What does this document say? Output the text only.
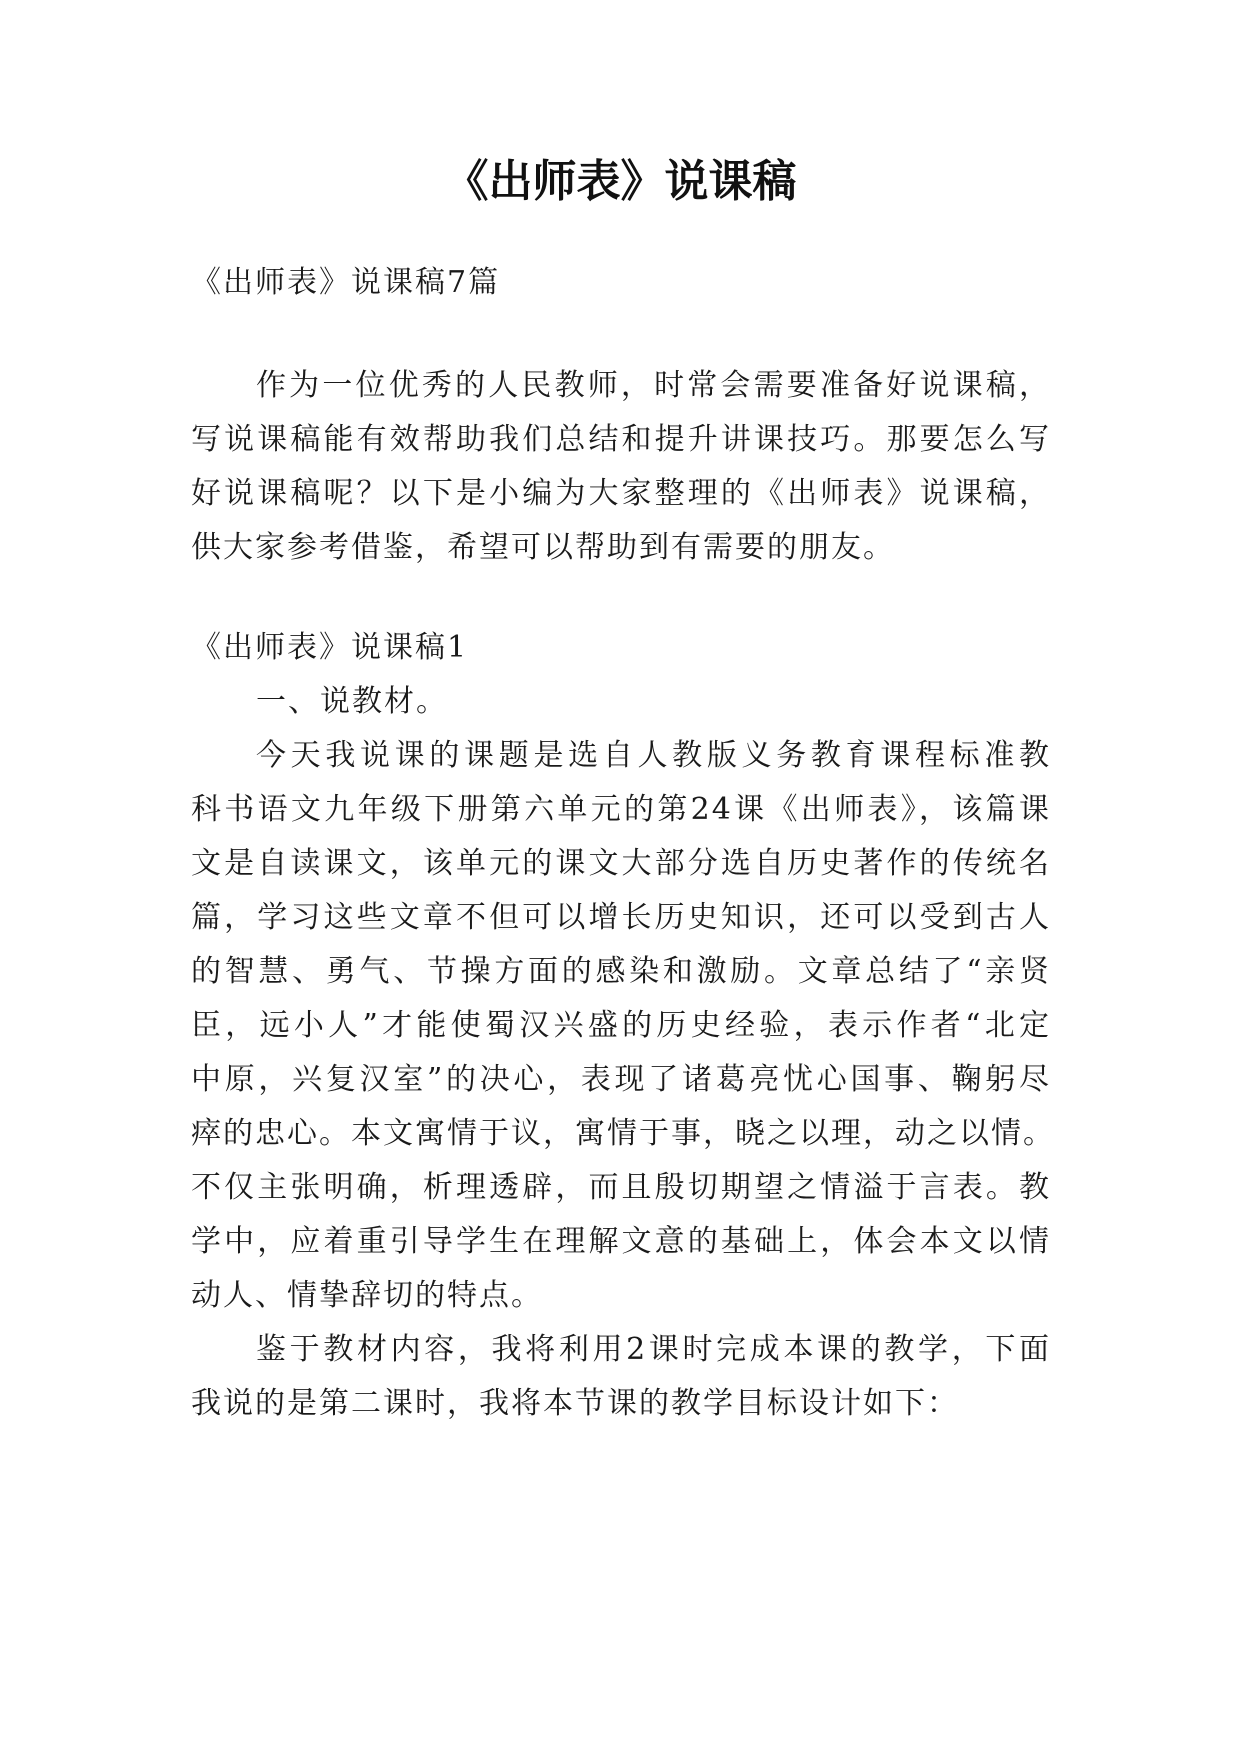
《出师表》说课稿
《出师表》说课稿7篇
作为一位优秀的人民教师，时常会需要准备好说课稿，
写说课稿能有效帮助我们总结和提升讲课技巧。那要怎么写
好说课稿呢？以下是小编为大家整理的《出师表》说课稿，
供大家参考借鉴，希望可以帮助到有需要的朋友。
《出师表》说课稿1
一、说教材。
今天我说课的课题是选自人教版义务教育课程标准教
科书语文九年级下册第六单元的第24课《出师表》，该篇课
文是自读课文，该单元的课文大部分选自历史著作的传统名
篇，学习这些文章不但可以增长历史知识，还可以受到古人
的智慧、勇气、节操方面的感染和激励。文章总结了“亲贤
臣，远小人”才能使蜀汉兴盛的历史经验，表示作者“北定
中原，兴复汉室”的决心，表现了诸葛亮忧心国事、鞠躬尽
瘁的忠心。本文寓情于议，寓情于事，晓之以理，动之以情。
不仅主张明确，析理透辟，而且殷切期望之情溢于言表。教
学中，应着重引导学生在理解文意的基础上，体会本文以情
动人、情挚辞切的特点。
鉴于教材内容，我将利用2课时完成本课的教学，下面
我说的是第二课时，我将本节课的教学目标设计如下：
